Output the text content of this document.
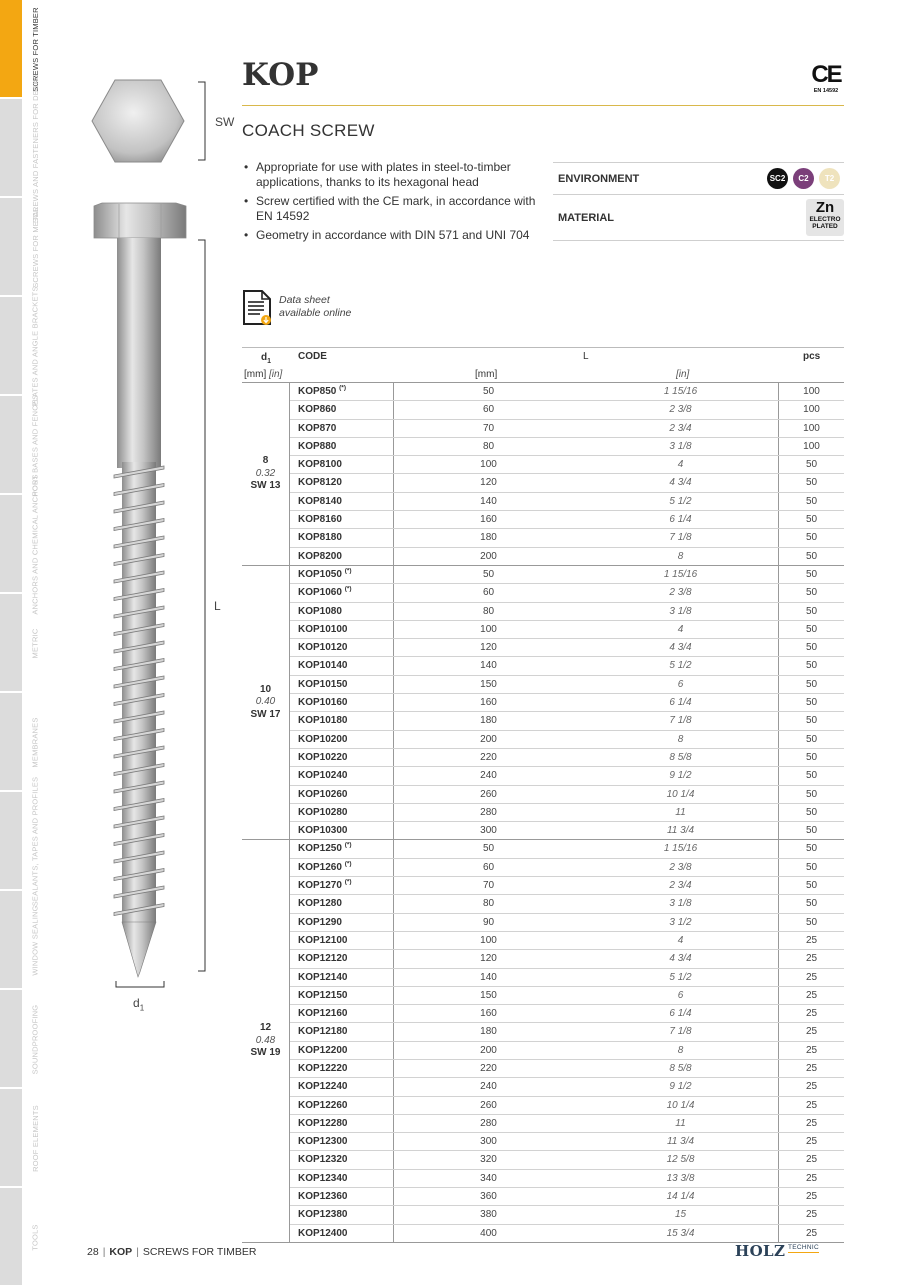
SCREWS FOR TIMBER
SCREWS AND FASTENERS FOR DECKS
SCREWS FOR METAL
PLATES AND ANGLE BRACKETS
POST BASES AND FENCES
ANCHORS AND CHEMICAL ANCHORS
METRIC
MEMBRANES
SEALANTS, TAPES AND PROFILES
WINDOW SEALING
SOUNDPROOFING
ROOF ELEMENTS
TOOLS
KOP	CE
EN 14592
COACH SCREW
• Appropriate for use with plates in steel-to-timber applications, thanks to its hexagonal head
• Screw certified with the CE mark, in accordance with EN 14592
• Geometry in accordance with DIN 571 and UNI 704
ENVIRONMENT	SC2	C2	T2
MATERIAL
Zn
ELECTRO PLATED
Data sheet
available online
SW
L
$d_1$
$d_1$	CODE	L	pcs
[mm] [in]	[mm]	[in]
8
0.32
SW 13
KOP850 (*)	50	1 15/16	100
KOP860	60	2 3/8	100
KOP870	70	2 3/4	100
KOP880	80	3 1/8	100
KOP8100	100	4	50
KOP8120	120	4 3/4	50
KOP8140	140	5 1/2	50
KOP8160	160	6 1/4	50
KOP8180	180	7 1/8	50
KOP8200	200	8	50
10
0.40
SW 17
KOP1050 (*)	50	1 15/16	50
KOP1060 (*)	60	2 3/8	50
KOP1080	80	3 1/8	50
KOP10100	100	4	50
KOP10120	120	4 3/4	50
KOP10140	140	5 1/2	50
KOP10150	150	6	50
KOP10160	160	6 1/4	50
KOP10180	180	7 1/8	50
KOP10200	200	8	50
KOP10220	220	8 5/8	50
KOP10240	240	9 1/2	50
KOP10260	260	10 1/4	50
KOP10280	280	11	50
KOP10300	300	11 3/4	50
12
0.48
SW 19
KOP1250 (*)	50	1 15/16	50
KOP1260 (*)	60	2 3/8	50
KOP1270 (*)	70	2 3/4	50
KOP1280	80	3 1/8	50
KOP1290	90	3 1/2	50
KOP12100	100	4	25
KOP12120	120	4 3/4	25
KOP12140	140	5 1/2	25
KOP12150	150	6	25
KOP12160	160	6 1/4	25
KOP12180	180	7 1/8	25
KOP12200	200	8	25
KOP12220	220	8 5/8	25
KOP12240	240	9 1/2	25
KOP12260	260	10 1/4	25
KOP12280	280	11	25
KOP12300	300	11 3/4	25
KOP12320	320	12 5/8	25
KOP12340	340	13 3/8	25
KOP12360	360	14 1/4	25
KOP12380	380	15	25
KOP12400	400	15 3/4	25
28 | KOP | SCREWS FOR TIMBER	HOLZ TECHNIC
